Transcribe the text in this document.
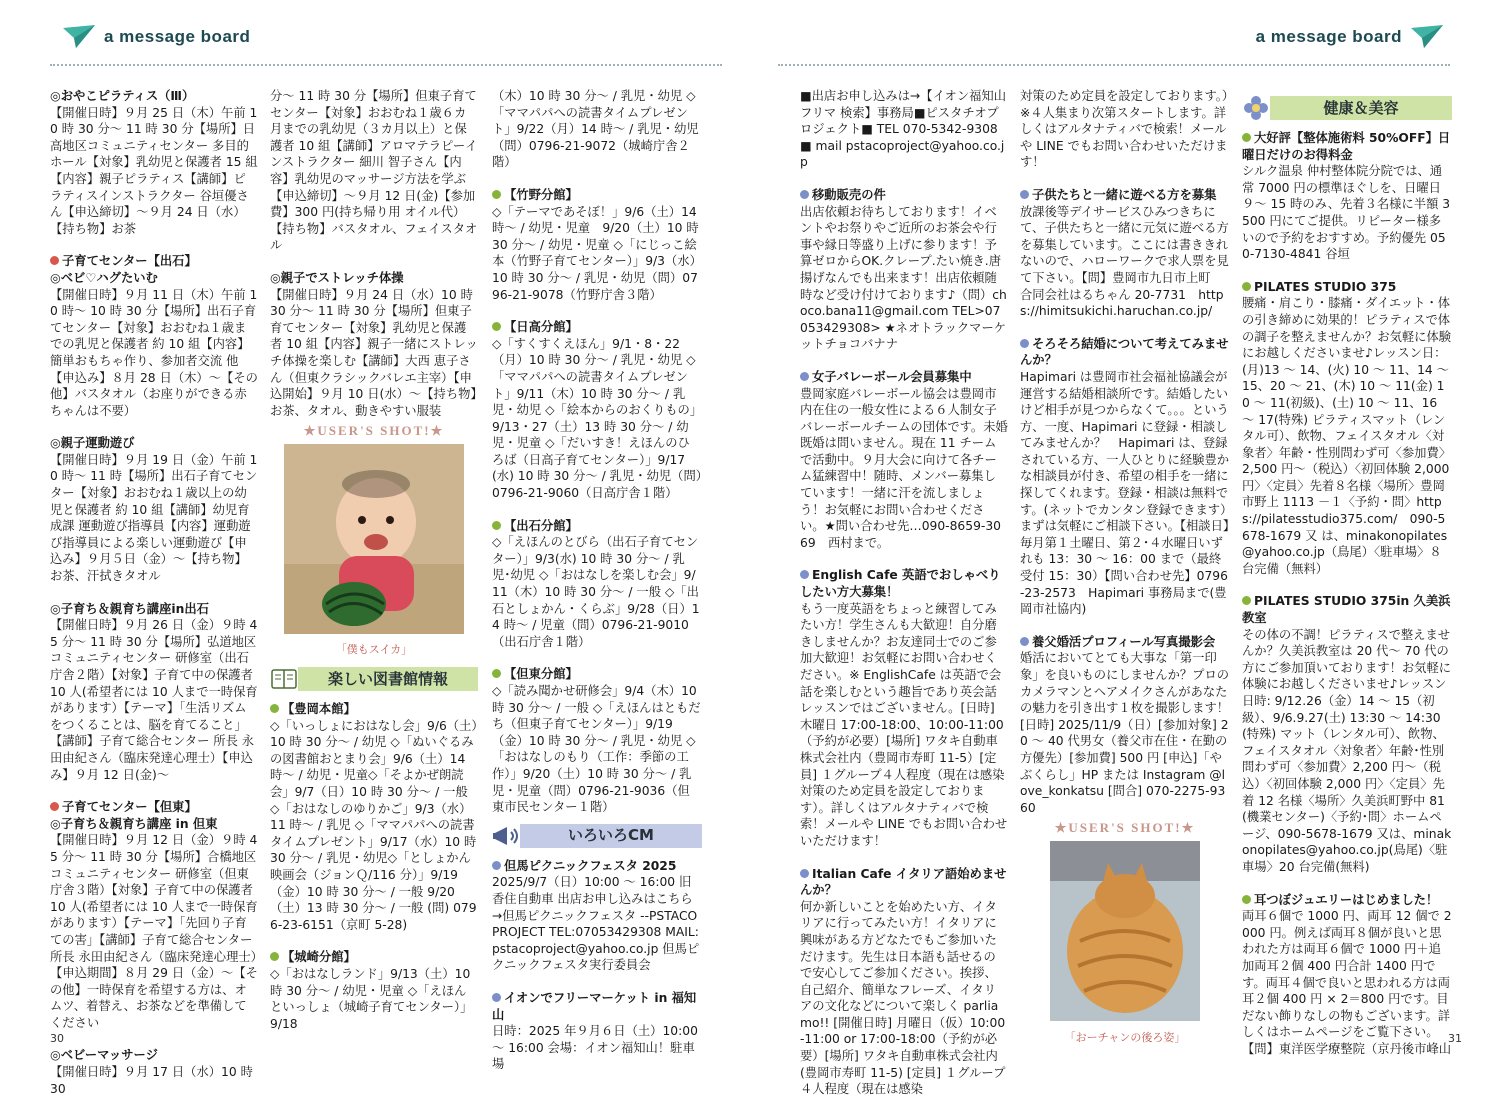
a message board

◎おやこピラティス（Ⅲ）

【開催日時】９月 25 日（木）午前 10 時 30 分～ 11 時 30 分【場所】日高地区コミュニティセンター 多目的ホール【対象】乳幼児と保護者 15 組【内容】親子ピラティス【講師】ピラティスインストラクター 谷垣優さん【申込締切】～９月 24 日（水）【持ち物】お茶

子育てセンター【出石】

◎ベビ♡ハグたいむ

【開催日時】９月 11 日（木）午前 10 時～ 10 時 30 分【場所】出石子育てセンター【対象】おおむね１歳までの乳児と保護者 約 10 組【内容】簡単おもちゃ作り、参加者交流 他【申込み】８月 28 日（木）～【その他】バスタオル（お座りができる赤ちゃんは不要）

◎親子運動遊び

【開催日時】９月 19 日（金）午前 10 時～ 11 時【場所】出石子育てセンター【対象】おおむね１歳以上の幼児と保護者 約 10 組【講師】幼児育成課 運動遊び指導員【内容】運動遊び指導員による楽しい運動遊び【申込み】９月５日（金）～【持ち物】お茶、汗拭きタオル

◎子育ち＆親育ち講座in出石

【開催日時】９月 26 日（金）９時 45 分～ 11 時 30 分【場所】弘道地区コミュニティセンター 研修室（出石庁舎２階）【対象】子育て中の保護者 10 人(希望者には 10 人まで一時保育があります）【テーマ】「生活リズムをつくることは、脳を育てること」【講師】子育て総合センター 所長 永田由紀さん（臨床発達心理士）【申込み】９月 12 日(金)～

子育てセンター【但東】

◎子育ち＆親育ち講座 in 但東

【開催日時】９月 12 日（金）９時 45 分～ 11 時 30 分【場所】合橋地区コミュニティセンター 研修室（但東庁舎３階）【対象】子育て中の保護者 10 人(希望者には 10 人まで一時保育があります）【テーマ】「先回り子育ての害」【講師】子育て総合センター 所長 永田由紀さん（臨床発達心理士）【申込期間】８月 29 日（金）～【その他】一時保育を希望する方は、オムツ、着替え、お茶などを準備してください

◎ベビーマッサージ

【開催日時】９月 17 日（水）10 時 30

分～ 11 時 30 分【場所】但東子育てセンター【対象】おおむね１歳６カ月までの乳幼児（３カ月以上）と保護者 10 組【講師】アロマテラピーインストラクター 細川 智子さん【内容】乳幼児のマッサージ方法を学ぶ【申込締切】～９月 12 日(金)【参加費】300 円(持ち帰り用 オイル代）【持ち物】バスタオル、フェイスタオル

◎親子でストレッチ体操

【開催日時】９月 24 日（水）10 時 30 分～ 11 時 30 分【場所】但東子育てセンター【対象】乳幼児と保護者 10 組【内容】親子一緒にストレッチ体操を楽しむ【講師】大西 恵子さん（但東クラシックバレエ主宰）【申込開始】９月 10 日(水）～【持ち物】お茶、タオル、動きやすい服装

★USER'S SHOT!★
「僕もスイカ」
楽しい図書館情報

【豊岡本館】

◇「いっしょにおはなし会」9/6（土）10 時 30 分～ / 幼児 ◇「ぬいぐるみの図書館おとまり会」9/6（土）14 時～ / 幼児・児童◇「そよかぜ朗読会」9/7（日）10 時 30 分～ / 一般 ◇「おはなしのゆりかご」9/3（水）11 時～ / 乳児 ◇「ママパパへの読書タイムプレゼント」9/17（水）10 時 30 分～ / 乳児・幼児◇「としょかん映画会（ジョンＱ/116 分）」9/19（金）10 時 30 分～ / 一般 9/20（土）13 時 30 分～ / 一般 (問) 0796-23-6151（京町 5-28)

【城崎分館】

◇「おはなしランド」9/13（土）10 時 30 分～ / 幼児・児童 ◇「えほんといっしょ（城崎子育てセンター）」9/18

（木）10 時 30 分～ / 乳児・幼児 ◇「ママパパへの読書タイムプレゼント」9/22（月）14 時～ / 乳児・幼児（問）0796-21-9072（城崎庁舎２階）

【竹野分館】

◇「テーマであそぼ！」9/6（土）14 時～ / 幼児・児童　9/20（土）10 時 30 分～ / 幼児・児童 ◇「にじっこ絵本（竹野子育てセンター）」9/3（水）10 時 30 分～ / 乳児・幼児（問）0796-21-9078（竹野庁舎３階）

【日高分館】

◇「すくすくえほん」9/1・8・22（月）10 時 30 分～ / 乳児・幼児 ◇「ママパパへの読書タイムプレゼント」9/11（木）10 時 30 分～ / 乳児・幼児 ◇「絵本からのおくりもの」9/13・27（土）13 時 30 分～ / 幼児・児童 ◇「だいすき！えほんのひろば（日高子育てセンター）」9/17(水) 10 時 30 分～ / 乳児・幼児（問）0796-21-9060（日高庁舎１階）

【出石分館】

◇「えほんのとびら（出石子育てセンター）」9/3(水) 10 時 30 分～ / 乳児･幼児 ◇「おはなしを楽しむ会」9/11（木）10 時 30 分～ / 一般 ◇「出石としょかん・くらぶ」9/28（日）14 時～ / 児童（問）0796-21-9010（出石庁舎１階）

【但東分館】

◇「読み聞かせ研修会」9/4（木）10 時 30 分～ / 一般 ◇「えほんはともだち（但東子育てセンター）」9/19（金）10 時 30 分～ / 乳児・幼児 ◇「おはなしのもり（工作：季節の工作）」9/20（土）10 時 30 分～ / 乳児・児童（問）0796-21-9036（但東市民センター１階）

いろいろCM

但馬ピクニックフェスタ 2025

2025/9/7（日）10:00 ～ 16:00 旧香住自動車 出店お申し込みはこちら→但馬ピクニックフェスタ --PSTACO PROJECT TEL:07053429308 MAIL:pstacoproject@yahoo.co.jp 但馬ピクニックフェスタ実行委員会

イオンでフリーマーケット in 福知山

日時：2025 年９月６日（土）10:00 ～ 16:00 会場：イオン福知山！駐車場

30
a message board

■出店お申し込みは→【イオン福知山フリマ 検索】事務局■ピスタチオプロジェクト■ TEL 070-5342-9308 ■ mail pstacoproject@yahoo.co.jp

移動販売の件

出店依頼お待ちしております！イベントやお祭りやご近所のお茶会や行事や縁日等盛り上げに参ります！予算ゼロからOK.クレープ.たい焼き.唐揚げなんでも出来ます！出店依頼随時など受け付けております♪（問）choco.bana11@gmail.com TEL>07053429308> ★ネオトラックマーケットチョコバナナ

女子バレーボール会員募集中

豊岡家庭バレーボール協会は豊岡市内在住の一般女性による６人制女子バレーボールチームの団体です。未婚既婚は問いません。現在 11 チームで活動中。９月大会に向けて各チーム猛練習中！随時、メンバー募集しています！一緒に汗を流しましょう！お気軽にお問い合わせください。★問い合わせ先…090-8659-3069　西村まで。

English Cafe 英語でおしゃべりしたい方大募集！

もう一度英語をちょっと練習してみたい方！学生さんも大歓迎！自分磨きしませんか？お友達同士でのご参加大歓迎！お気軽にお問い合わせください。※ EnglishCafe は英語で会話を楽しむという趣旨であり英会話レッスンではございません。[日時] 木曜日 17:00-18:00、10:00-11:00（予約が必要）[場所] ワタキ自動車株式会社内（豊岡市寿町 11-5）[定員] １グループ４人程度（現在は感染対策のため定員を設定しております）。詳しくはアルタナティバで検索！メールや LINE でもお問い合わせいただけます！

Italian Cafe イタリア語始めませんか？

何か新しいことを始めたい方、イタリアに行ってみたい方！イタリアに興味がある方どなたでもご参加いただけます。先生は日本語も話せるので安心してご参加ください。挨拶、自己紹介、簡単なフレーズ、イタリアの文化などについて楽しく parliamo!! [開催日時] 月曜日（仮）10:00-11:00 or 17:00-18:00（予約が必要）[場所] ワタキ自動車株式会社内(豊岡市寿町 11-5) [定員] １グループ４人程度（現在は感染

対策のため定員を設定しております。）※４人集まり次第スタートします。詳しくはアルタナティバで検索！メールや LINE でもお問い合わせいただけます！

子供たちと一緒に遊べる方を募集

放課後等デイサービスひみつきちにて、子供たちと一緒に元気に遊べる方を募集しています。ここには書ききれないので、ハローワークで求人票を見て下さい。【問】豊岡市九日市上町　合同会社はるちゃん 20-7731　https://himitsukichi.haruchan.co.jp/

そろそろ結婚について考えてみませんか？

Hapimari は豊岡市社会福祉協議会が運営する結婚相談所です。結婚したいけど相手が見つからなくて。。。という方、一度、Hapimari に登録・相談してみませんか？　Hapimari は、登録されている方、一人ひとりに経験豊かな相談員が付き、希望の相手を一緒に探してくれます。登録・相談は無料です。(ネットでカンタン登録できます）まずは気軽にご相談下さい。【相談日】毎月第１土曜日、第２･４水曜日いずれも 13：30 ～ 16：00 まで（最終受付 15：30）【問い合わせ先】0796-23-2573　Hapimari 事務局まで(豊岡市社協内)

養父婚活プロフィール写真撮影会

婚活においてとても大事な「第一印象」を良いものにしませんか？プロのカメラマンとヘアメイクさんがあなたの魅力を引き出す１枚を撮影します！[日時] 2025/11/9（日）[参加対象] 20 ～ 40 代男女（養父市在住・在勤の方優先）[参加費] 500 円 [申込]「やぶくらし」HP または Instagram @love_konkatsu [問合] 070-2275-9360

★USER'S SHOT!★
「おーチャンの後ろ姿」
健康＆美容

大好評【整体施術料 50%OFF】日曜日だけのお得料金

シルク温泉 仲村整体院分院では、通常 7000 円の標準ほぐしを、日曜日９～ 15 時のみ、先着３名様に半額 3500 円にてご提供。リピーター様多いので予約をおすすめ。予約優先 050-7130-4841 谷垣

PILATES STUDIO 375

腰痛・肩こり・膝痛・ダイエット・体の引き締めに効果的！ピラティスで体の調子を整えませんか？お気軽に体験にお越しくださいませ♪レッスン日：(月)13 ～ 14、(火) 10 ～ 11、14 ～ 15、20 ～ 21、(木) 10 ～ 11(金) 10 ～ 11(初級)、(土) 10 ～ 11、16 ～ 17(特殊) ピラティスマット（レンタル可）、飲物、フェイスタオル〈対象者〉年齢・性別問わず可〈参加費〉2,500 円～（税込）〈初回体験 2,000 円〉〈定員〉先着８名様〈場所〉豊岡市野上 1113 －１〈予約・問〉https://pilatesstudio375.com/　090-5678-1679 又 は、minakonopilates@yahoo.co.jp（鳥尾）〈駐車場〉８台完備（無料）

PILATES STUDIO 375in 久美浜教室

その体の不調！ピラティスで整えませんか？久美浜教室は 20 代～ 70 代の方にご参加頂いております！お気軽に体験にお越しくださいませ♪レッスン日時: 9/12.26（金）14 ～ 15（初級）、9/6.9.27(土) 13:30 ～ 14:30(特殊) マット（レンタル可）、飲物、フェイスタオル〈対象者〉年齢･性別問わず可〈参加費〉2,200 円～（税込）〈初回体験 2,000 円〉〈定員〉先着 12 名様〈場所〉久美浜町野中 81(機業センター)〈予約･問〉ホームページ、090-5678-1679 又は、minakonopilates@yahoo.co.jp(鳥尾)〈駐車場〉20 台完備(無料)

耳つぼジュエリーはじめました！

両耳６個で 1000 円、両耳 12 個で 2000 円。例えば両耳８個が良いと思われた方は両耳６個で 1000 円＋追加両耳２個 400 円合計 1400 円です。両耳４個で良いと思われる方は両耳２個 400 円 × 2＝800 円です。目だない飾りなしの物もございます。詳しくはホームページをご覧下さい。【問】東洋医学療整院（京丹後市峰山

31
